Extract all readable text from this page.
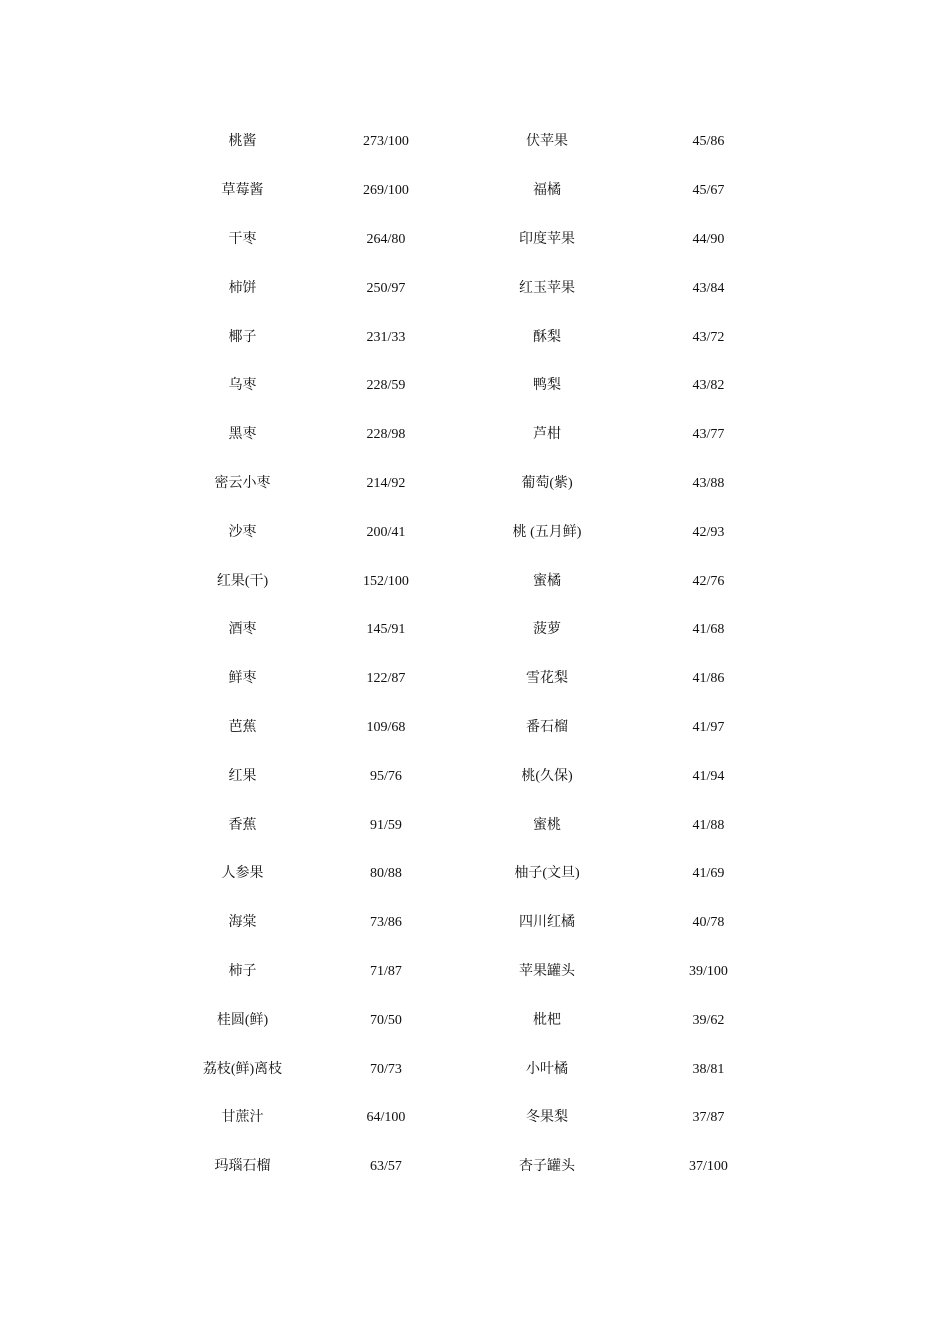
桃酱	273/100	伏苹果	45/86
草莓酱	269/100	福橘	45/67
干枣	264/80	印度苹果	44/90
柿饼	250/97	红玉苹果	43/84
椰子	231/33	酥梨	43/72
乌枣	228/59	鸭梨	43/82
黑枣	228/98	芦柑	43/77
密云小枣	214/92	葡萄(紫)	43/88
沙枣	200/41	桃 (五月鲜)	42/93
红果(干)	152/100	蜜橘	42/76
酒枣	145/91	菠萝	41/68
鲜枣	122/87	雪花梨	41/86
芭蕉	109/68	番石榴	41/97
红果	95/76	桃(久保)	41/94
香蕉	91/59	蜜桃	41/88
人参果	80/88	柚子(文旦)	41/69
海棠	73/86	四川红橘	40/78
柿子	71/87	苹果罐头	39/100
桂圆(鲜)	70/50	枇杷	39/62
荔枝(鲜)离枝	70/73	小叶橘	38/81
甘蔗汁	64/100	冬果梨	37/87
玛瑙石榴	63/57	杏子罐头	37/100
